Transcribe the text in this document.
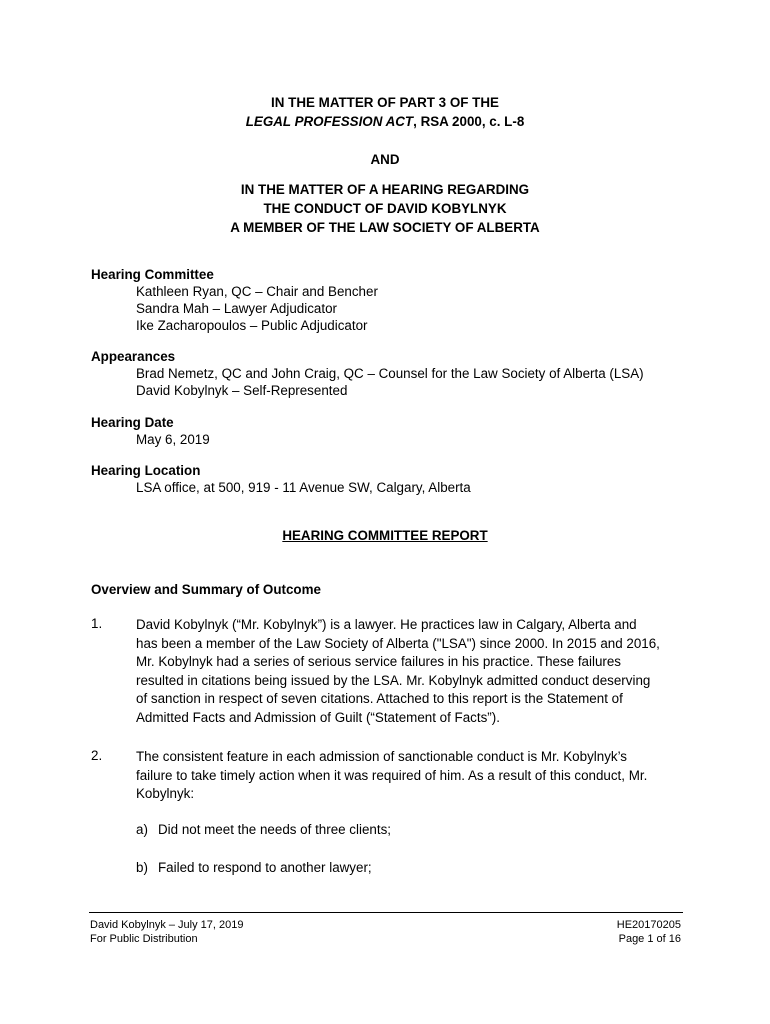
IN THE MATTER OF PART 3 OF THE
LEGAL PROFESSION ACT, RSA 2000, c. L-8
AND
IN THE MATTER OF A HEARING REGARDING
THE CONDUCT OF DAVID KOBYLNYK
A MEMBER OF THE LAW SOCIETY OF ALBERTA
Hearing Committee
Kathleen Ryan, QC – Chair and Bencher
Sandra Mah – Lawyer Adjudicator
Ike Zacharopoulos – Public Adjudicator
Appearances
Brad Nemetz, QC and John Craig, QC – Counsel for the Law Society of Alberta (LSA)
David Kobylnyk – Self-Represented
Hearing Date
May 6, 2019
Hearing Location
LSA office, at 500, 919 - 11 Avenue SW, Calgary, Alberta
HEARING COMMITTEE REPORT
Overview and Summary of Outcome
1.	David Kobylnyk (“Mr. Kobylnyk”) is a lawyer. He practices law in Calgary, Alberta and
has been a member of the Law Society of Alberta ("LSA") since 2000. In 2015 and 2016,
Mr. Kobylnyk had a series of serious service failures in his practice. These failures
resulted in citations being issued by the LSA. Mr. Kobylnyk admitted conduct deserving
of sanction in respect of seven citations. Attached to this report is the Statement of
Admitted Facts and Admission of Guilt (“Statement of Facts”).
2.	The consistent feature in each admission of sanctionable conduct is Mr. Kobylnyk’s
failure to take timely action when it was required of him. As a result of this conduct, Mr.
Kobylnyk:
a) Did not meet the needs of three clients;
b) Failed to respond to another lawyer;
David Kobylnyk – July 17, 2019
For Public Distribution
HE20170205
Page 1 of 16
